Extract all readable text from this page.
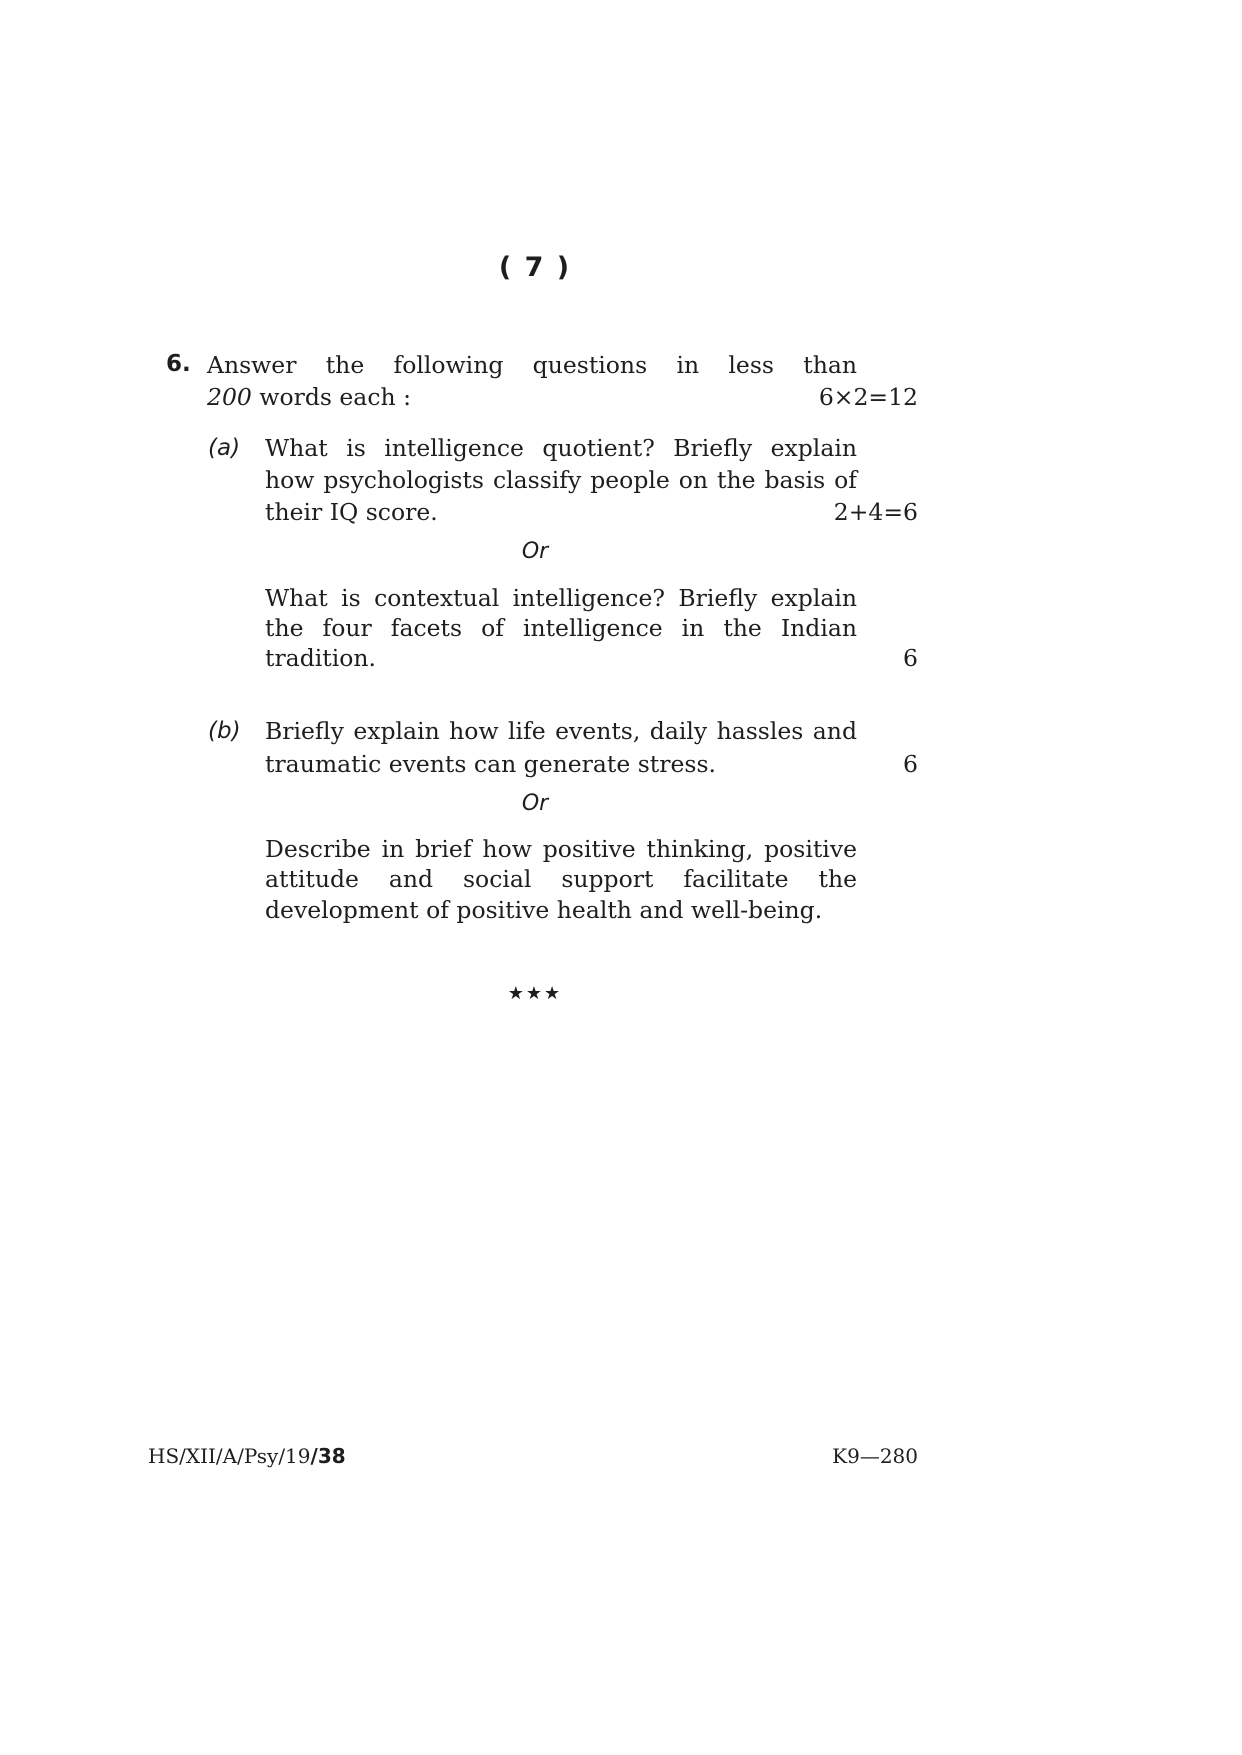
( 7 )
6. Answer the following questions in less than
200 words each :	6×2=12
(a) What is intelligence quotient? Briefly explain
how psychologists classify people on the basis of
their IQ score.	2+4=6
Or
What is contextual intelligence? Briefly explain
the four facets of intelligence in the Indian
tradition.	6
(b) Briefly explain how life events, daily hassles and
traumatic events can generate stress.	6
Or
Describe in brief how positive thinking, positive
attitude and social support facilitate the
development of positive health and well-being.
★★★
HS/XII/A/Psy/19/38	K9—280
